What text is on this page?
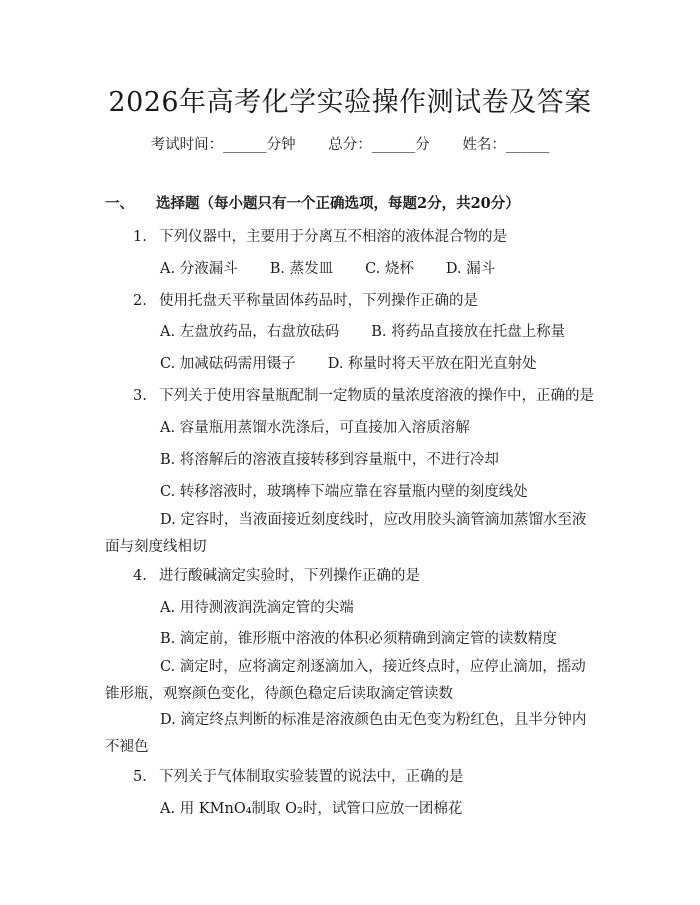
2026年高考化学实验操作测试卷及答案
考试时间：______分钟 总分：______分 姓名：______
一、 选择题（每小题只有一个正确选项，每题2分，共20分）
1. 下列仪器中，主要用于分离互不相溶的液体混合物的是
A. 分液漏斗 B. 蒸发皿 C. 烧杯 D. 漏斗
2. 使用托盘天平称量固体药品时，下列操作正确的是
A. 左盘放药品，右盘放砝码 B. 将药品直接放在托盘上称量
C. 加减砝码需用镊子 D. 称量时将天平放在阳光直射处
3. 下列关于使用容量瓶配制一定物质的量浓度溶液的操作中，正确的是
A. 容量瓶用蒸馏水洗涤后，可直接加入溶质溶解
B. 将溶解后的溶液直接转移到容量瓶中，不进行冷却
C. 转移溶液时，玻璃棒下端应靠在容量瓶内壁的刻度线处
D. 定容时，当液面接近刻度线时，应改用胶头滴管滴加蒸馏水至液面与刻度线相切
4. 进行酸碱滴定实验时，下列操作正确的是
A. 用待测液润洗滴定管的尖端
B. 滴定前，锥形瓶中溶液的体积必须精确到滴定管的读数精度
C. 滴定时，应将滴定剂逐滴加入，接近终点时，应停止滴加，摇动锥形瓶，观察颜色变化，待颜色稳定后读取滴定管读数
D. 滴定终点判断的标准是溶液颜色由无色变为粉红色，且半分钟内不褪色
5. 下列关于气体制取实验装置的说法中，正确的是
A. 用 KMnO₄制取 O₂时，试管口应放一团棉花
